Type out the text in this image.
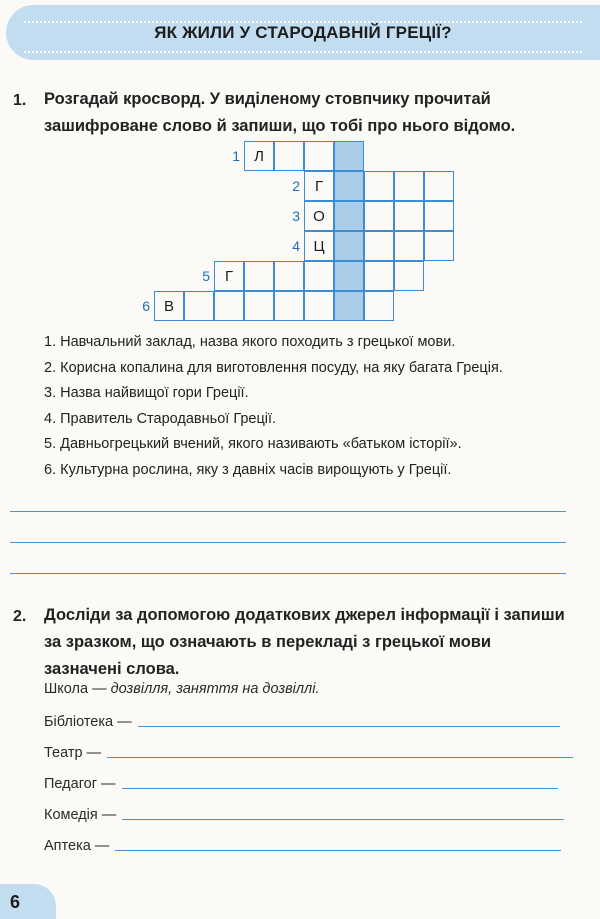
ЯК ЖИЛИ У СТАРОДАВНІЙ ГРЕЦІЇ?
1. Розгадай кросворд. У виділеному стовпчику прочитай зашифроване слово й запиши, що тобі про нього відомо.

1 Л
2 Г
3 О
4 Ц
5 Г
6 В
1. Навчальний заклад, назва якого походить з грецької мови.
2. Корисна копалина для виготовлення посуду, на яку багата Греція.
3. Назва найвищої гори Греції.
4. Правитель Стародавньої Греції.
5. Давньогрецький вчений, якого називають «батьком історії».
6. Культурна рослина, яку з давніх часів вирощують у Греції.
2. Досліди за допомогою додаткових джерел інформації і запиши за зразком, що означають в перекладі з грецької мови зазначені слова.

Школа — дозвілля, заняття на дозвіллі.
Бібліотека —
Театр —
Педагог —
Комедія —
Аптека —
6
